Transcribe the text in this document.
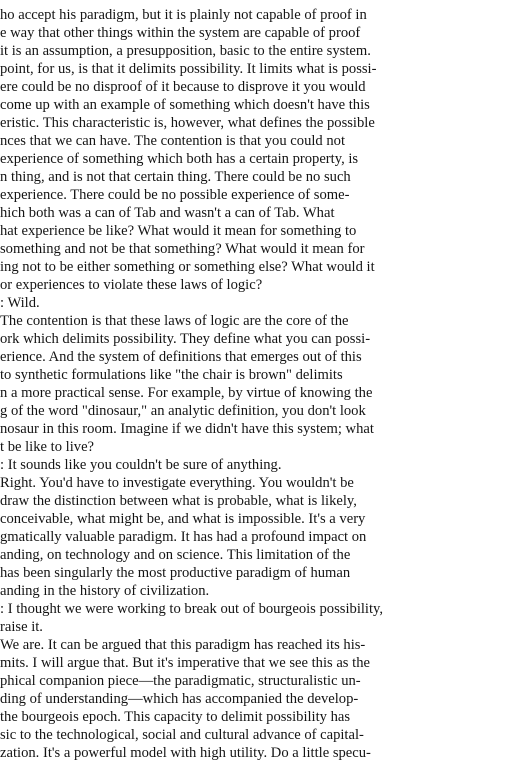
ho accept his paradigm, but it is plainly not capable of proof in
e way that other things within the system are capable of proof
it is an assumption, a presupposition, basic to the entire system.
point, for us, is that it delimits possibility. It limits what is possi-
ere could be no disproof of it because to disprove it you would
come up with an example of something which doesn't have this
eristic. This characteristic is, however, what defines the possible
nces that we can have. The contention is that you could not
experience of something which both has a certain property, is
n thing, and is not that certain thing. There could be no such
experience. There could be no possible experience of some-
hich both was a can of Tab and wasn't a can of Tab. What
hat experience be like? What would it mean for something to
something and not be that something? What would it mean for
ing not to be either something or something else? What would it
or experiences to violate these laws of logic?
: Wild.
The contention is that these laws of logic are the core of the
ork which delimits possibility. They define what you can possi-
erience. And the system of definitions that emerges out of this
to synthetic formulations like "the chair is brown" delimits
n a more practical sense. For example, by virtue of knowing the
g of the word "dinosaur," an analytic definition, you don't look
nosaur in this room. Imagine if we didn't have this system; what
t be like to live?
: It sounds like you couldn't be sure of anything.
Right. You'd have to investigate everything. You wouldn't be
draw the distinction between what is probable, what is likely,
conceivable, what might be, and what is impossible. It's a very
gmatically valuable paradigm. It has had a profound impact on
anding, on technology and on science. This limitation of the
has been singularly the most productive paradigm of human
anding in the history of civilization.
: I thought we were working to break out of bourgeois possibility,
raise it.
We are. It can be argued that this paradigm has reached its his-
mits. I will argue that. But it's imperative that we see this as the
phical companion piece—the paradigmatic, structuralistic un-
ding of understanding—which has accompanied the develop-
the bourgeois epoch. This capacity to delimit possibility has
sic to the technological, social and cultural advance of capital-
zation. It's a powerful model with high utility. Do a little specu-
